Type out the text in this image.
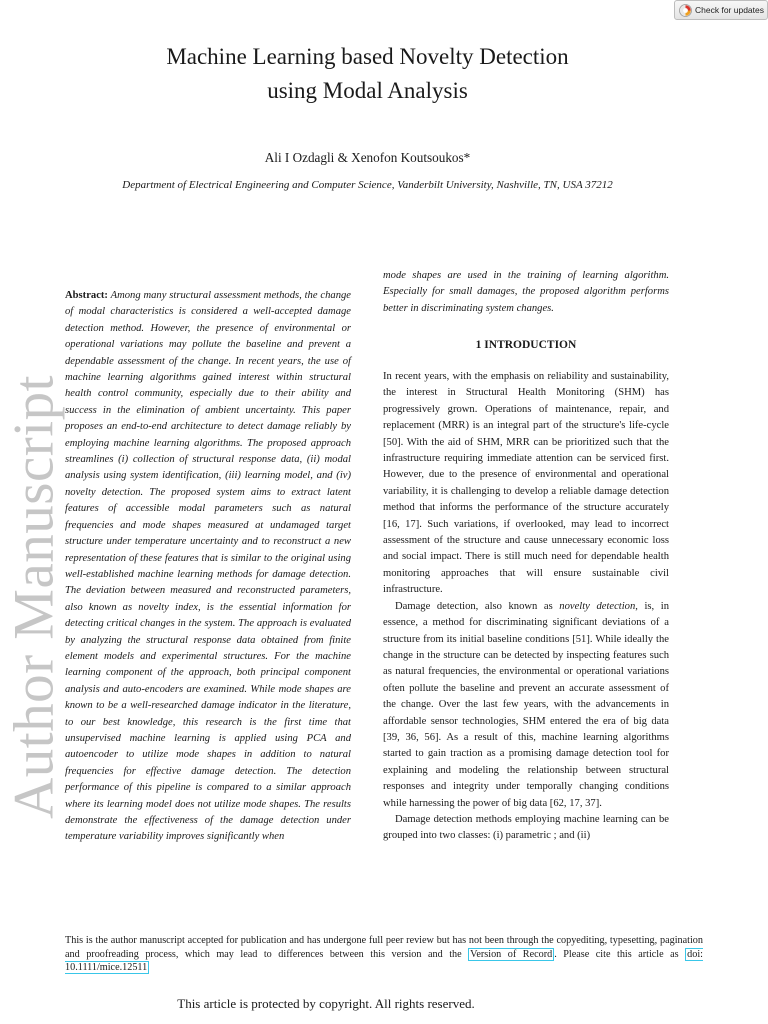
Check for updates
Machine Learning based Novelty Detection
using Modal Analysis
Ali I Ozdagli & Xenofon Koutsoukos*
Department of Electrical Engineering and Computer Science, Vanderbilt University, Nashville, TN, USA 37212
Author Manuscript
Abstract: Among many structural assessment methods, the change of modal characteristics is considered a well-accepted damage detection method. However, the presence of environmental or operational variations may pollute the baseline and prevent a dependable assessment of the change. In recent years, the use of machine learning algorithms gained interest within structural health control community, especially due to their ability and success in the elimination of ambient uncertainty. This paper proposes an end-to-end architecture to detect damage reliably by employing machine learning algorithms. The proposed approach streamlines (i) collection of structural response data, (ii) modal analysis using system identification, (iii) learning model, and (iv) novelty detection. The proposed system aims to extract latent features of accessible modal parameters such as natural frequencies and mode shapes measured at undamaged target structure under temperature uncertainty and to reconstruct a new representation of these features that is similar to the original using well-established machine learning methods for damage detection. The deviation between measured and reconstructed parameters, also known as novelty index, is the essential information for detecting critical changes in the system. The approach is evaluated by analyzing the structural response data obtained from finite element models and experimental structures. For the machine learning component of the approach, both principal component analysis and auto-encoders are examined. While mode shapes are known to be a well-researched damage indicator in the literature, to our best knowledge, this research is the first time that unsupervised machine learning is applied using PCA and autoencoder to utilize mode shapes in addition to natural frequencies for effective damage detection. The detection performance of this pipeline is compared to a similar approach where its learning model does not utilize mode shapes. The results demonstrate the effectiveness of the damage detection under temperature variability improves significantly when
mode shapes are used in the training of learning algorithm. Especially for small damages, the proposed algorithm performs better in discriminating system changes.
1 INTRODUCTION

In recent years, with the emphasis on reliability and sustainability, the interest in Structural Health Monitoring (SHM) has progressively grown. Operations of maintenance, repair, and replacement (MRR) is an integral part of the structure's life-cycle [50]. With the aid of SHM, MRR can be prioritized such that the infrastructure requiring immediate attention can be serviced first. However, due to the presence of environmental and operational variability, it is challenging to develop a reliable damage detection method that informs the performance of the structure accurately [16, 17]. Such variations, if overlooked, may lead to incorrect assessment of the structure and cause unnecessary economic loss and social impact. There is still much need for dependable health monitoring approaches that will ensure sustainable civil infrastructure.

Damage detection, also known as novelty detection, is, in essence, a method for discriminating significant deviations of a structure from its initial baseline conditions [51]. While ideally the change in the structure can be detected by inspecting features such as natural frequencies, the environmental or operational variations often pollute the baseline and prevent an accurate assessment of the change. Over the last few years, with the advancements in affordable sensor technologies, SHM entered the era of big data [39, 36, 56]. As a result of this, machine learning algorithms started to gain traction as a promising damage detection tool for explaining and modeling the relationship between structural responses and integrity under temporally changing conditions while harnessing the power of big data [62, 17, 37].

Damage detection methods employing machine learning can be grouped into two classes: (i) parametric ; and (ii)

This is the author manuscript accepted for publication and has undergone full peer review but has not been through the copyediting, typesetting, pagination and proofreading process, which may lead to differences between this version and the Version of Record . Please cite this article as doi: 10.1111/mice.12511
This article is protected by copyright. All rights reserved.
